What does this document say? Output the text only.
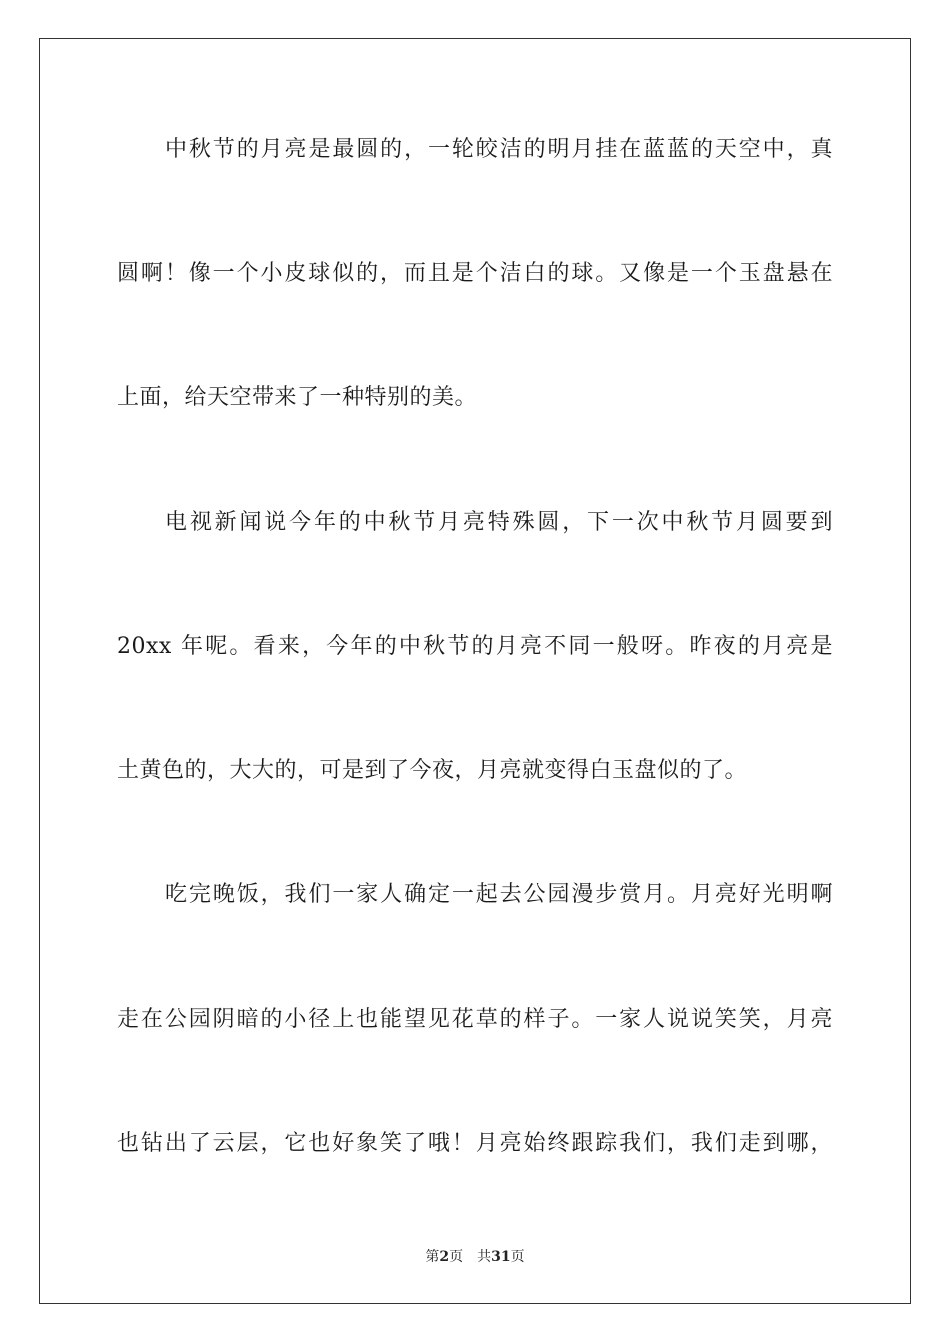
中秋节的月亮是最圆的，一轮皎洁的明月挂在蓝蓝的天空中，真
圆啊！像一个小皮球似的，而且是个洁白的球。又像是一个玉盘悬在
上面，给天空带来了一种特别的美。
电视新闻说今年的中秋节月亮特殊圆，下一次中秋节月圆要到
20xx 年呢。看来，今年的中秋节的月亮不同一般呀。昨夜的月亮是
土黄色的，大大的，可是到了今夜，月亮就变得白玉盘似的了。
吃完晚饭，我们一家人确定一起去公园漫步赏月。月亮好光明啊
走在公园阴暗的小径上也能望见花草的样子。一家人说说笑笑，月亮
也钻出了云层，它也好象笑了哦！月亮始终跟踪我们，我们走到哪，
第2页 共31页
